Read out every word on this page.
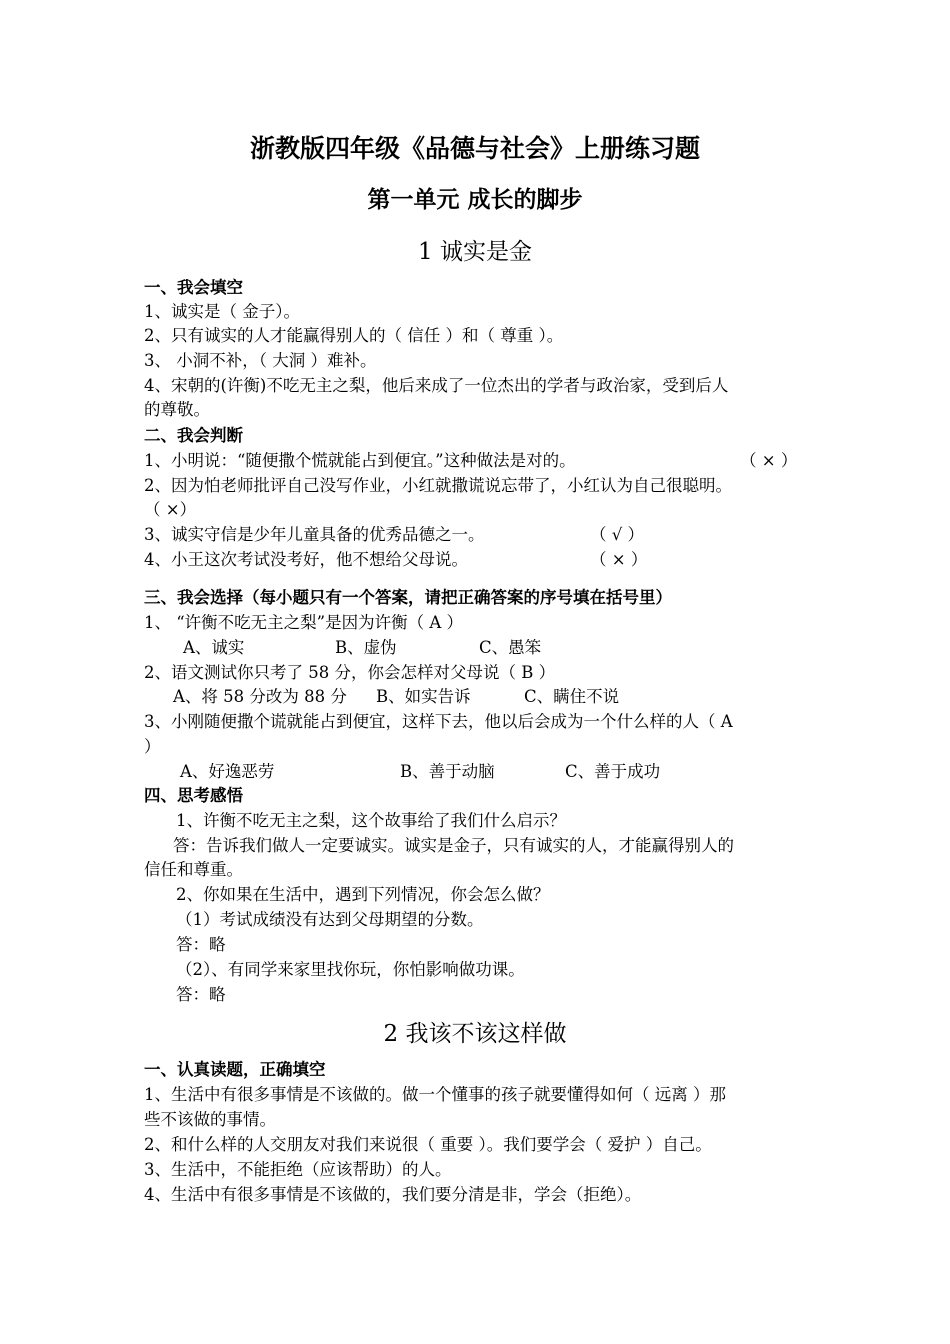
浙教版四年级《品德与社会》上册练习题
第一单元 成长的脚步
1 诚实是金
一、我会填空
1、诚实是（ 金子）。
2、只有诚实的人才能赢得别人的（ 信任 ）和（ 尊重 ）。
3、 小洞不补，（ 大洞 ）难补。
4、宋朝的(许衡)不吃无主之梨，他后来成了一位杰出的学者与政治家，受到后人
的尊敬。
二、我会判断
1、小明说：“随便撒个慌就能占到便宜。”这种做法是对的。	（ × ）
2、因为怕老师批评自己没写作业，小红就撒谎说忘带了，小红认为自己很聪明。
（ ×）
3、诚实守信是少年儿童具备的优秀品德之一。	（ √ ）
4、小王这次考试没考好，他不想给父母说。	（ × ）
三、我会选择（每小题只有一个答案，请把正确答案的序号填在括号里）
1、 “许衡不吃无主之梨”是因为许衡（ A ）
A、诚实	B、虚伪	C、愚笨
2、语文测试你只考了 58 分，你会怎样对父母说（ B ）
A、将 58 分改为 88 分 B、如实告诉	C、瞒住不说
3、小刚随便撒个谎就能占到便宜，这样下去，他以后会成为一个什么样的人（ A
）
A、好逸恶劳	B、善于动脑	C、善于成功
四、思考感悟
1、许衡不吃无主之梨，这个故事给了我们什么启示？
答：告诉我们做人一定要诚实。诚实是金子，只有诚实的人，才能赢得别人的
信任和尊重。
2、你如果在生活中，遇到下列情况，你会怎么做？
（1）考试成绩没有达到父母期望的分数。
答：略
（2）、有同学来家里找你玩，你怕影响做功课。
答：略
2 我该不该这样做
一、认真读题，正确填空
1、生活中有很多事情是不该做的。做一个懂事的孩子就要懂得如何（ 远离 ）那
些不该做的事情。
2、和什么样的人交朋友对我们来说很（ 重要 ）。我们要学会（ 爱护 ）自己。
3、生活中，不能拒绝（应该帮助）的人。
4、生活中有很多事情是不该做的，我们要分清是非，学会（拒绝）。
